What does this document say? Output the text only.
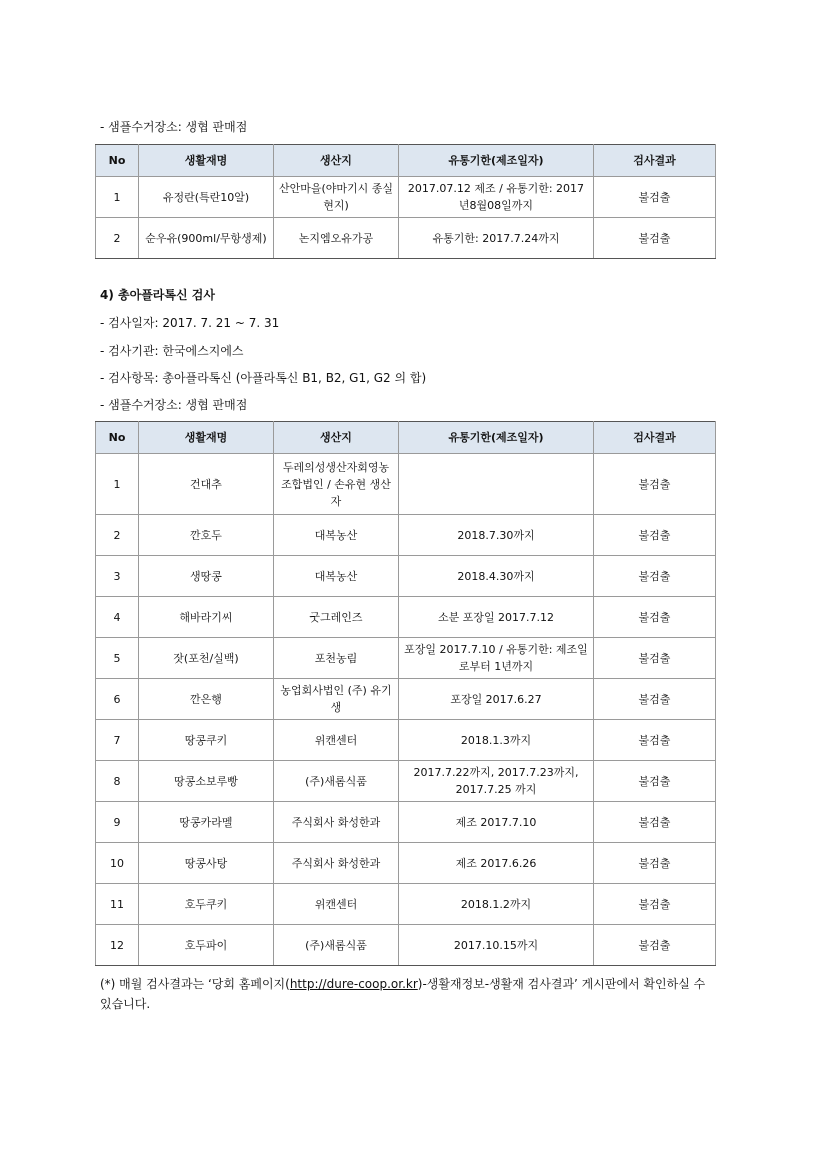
- 샘플수거장소: 생협 판매점
No	생활재명	생산지	유통기한(제조일자)	검사결과
1	유정란(특란10알)	산안마을(야마기시 종실현지)	2017.07.12 제조 / 유통기한: 2017년8월08일까지	불검출
2	순우유(900ml/무항생제)	논지엠오유가공	유통기한: 2017.7.24까지	불검출
4) 총아플라톡신 검사
- 검사일자: 2017. 7. 21 ~ 7. 31
- 검사기관: 한국에스지에스
- 검사항목: 총아플라톡신 (아플라톡신 B1, B2, G1, G2 의 합)
- 샘플수거장소: 생협 판매점
No	생활재명	생산지	유통기한(제조일자)	검사결과
1	건대추	두레의성생산자회영농조합법인 / 손유현 생산자		불검출
2	깐호두	대복농산	2018.7.30까지	불검출
3	생땅콩	대복농산	2018.4.30까지	불검출
4	해바라기씨	굿그레인즈	소분 포장일 2017.7.12	불검출
5	잣(포천/실백)	포천농림	포장일 2017.7.10 / 유통기한: 제조일로부터 1년까지	불검출
6	깐은행	농업회사법인 (주) 유기생	포장일 2017.6.27	불검출
7	땅콩쿠키	위캔센터	2018.1.3까지	불검출
8	땅콩소보루빵	(주)새롬식품	2017.7.22까지, 2017.7.23까지, 2017.7.25 까지	불검출
9	땅콩카라멜	주식회사 화성한과	제조 2017.7.10	불검출
10	땅콩사탕	주식회사 화성한과	제조 2017.6.26	불검출
11	호두쿠키	위캔센터	2018.1.2까지	불검출
12	호두파이	(주)새롬식품	2017.10.15까지	불검출
(*) 매월 검사결과는 ‘당회 홈페이지(http://dure-coop.or.kr)-생활재정보-생활재 검사결과’ 게시판에서 확인하실 수 있습니다.
